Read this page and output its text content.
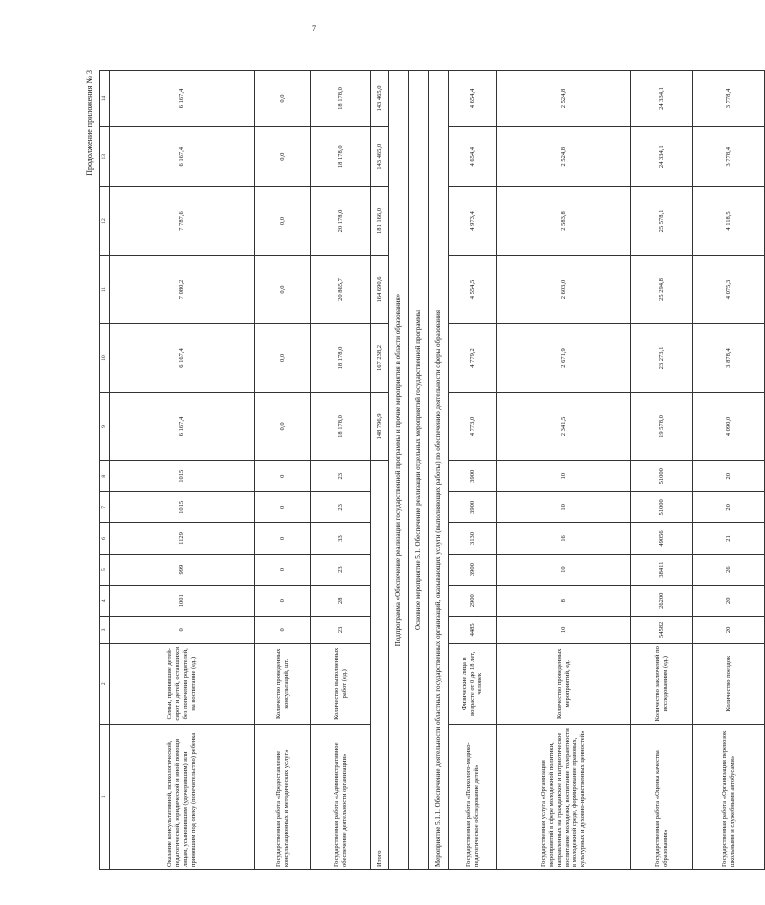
7
Продолжение приложения № 3
1	2	3	4	5	6	7	8	9	10	11	12	13	14
Оказание консультативной, психологической, педагогической, юридической и иной помощи лицам, усыновившим (удочерившим) или принявшим под опеку (попечительство) ребенка	Семьи, принявшие детей-сирот и детей, оставшихся без попечения родителей, на воспитание (ед.)	0	1001	999	1129	1015	1015	6 167,4	6 167,4	7 080,2	7 787,6	6 167,4	6 167,4
Государственная работа «Предоставление консультационных и методических услуг»	Количество проведенных консультаций, шт.	0	0	0	0	0	0	0,0	0,0	0,0	0,0	0,0	0,0
Государственная работа «Административное обеспечение деятельности организации»	Количество выполненных работ (ед.)	23	28	23	33	23	23	18 178,0	18 178,0	20 865,7	20 178,0	18 178,0	18 178,0
Итого								148 796,9	167 238,2	164 690,6	181 166,0	143 465,0	143 465,0
Подпрограмма «Обеспечение реализации государственной программы и прочие мероприятия в области образования»													
Основное мероприятие 5.1. Обеспечение реализации отдельных мероприятий государственной программы													
Мероприятие 5.1.1. Обеспечение деятельности областных государственных организаций, оказывающих услуги (выполняющих работы) по обеспечению деятельности сферы образования													
Государственная работа «Психолого-медико-педагогическое обследование детей»	Физические лица в возрасте от 0 до 18 лет, человек	4485	2900	3900	3130	3900	3900	4 773,0	4 779,2	4 554,5	4 973,4	4 654,4	4 654,4
Государственная услуга «Организация мероприятий в сфере молодежной политики, направленных на гражданское и патриотическое воспитание молодежи, воспитание толерантности в молодежной среде, формирование правовых, культурных и духовно-нравственных ценностей»	Количество проведенных мероприятий, ед.	10	8	10	16	10	10	2 341,5	2 671,9	2 603,0	2 583,8	2 524,8	2 524,8
Государственная работа «Оценка качества образования»	Количество заключений по исследованиям (ед.)	54582	26200	38411	49056	51000	51000	19 578,0	23 273,1	25 294,8	25 578,1	24 334,1	24 334,1
Государственная работа «Организация перевозок школьными и служебными автобусами»	Количество поездок	20	20	26	21	20	20	4 090,0	3 878,4	4 075,3	4 118,5	3 778,4	3 778,4
